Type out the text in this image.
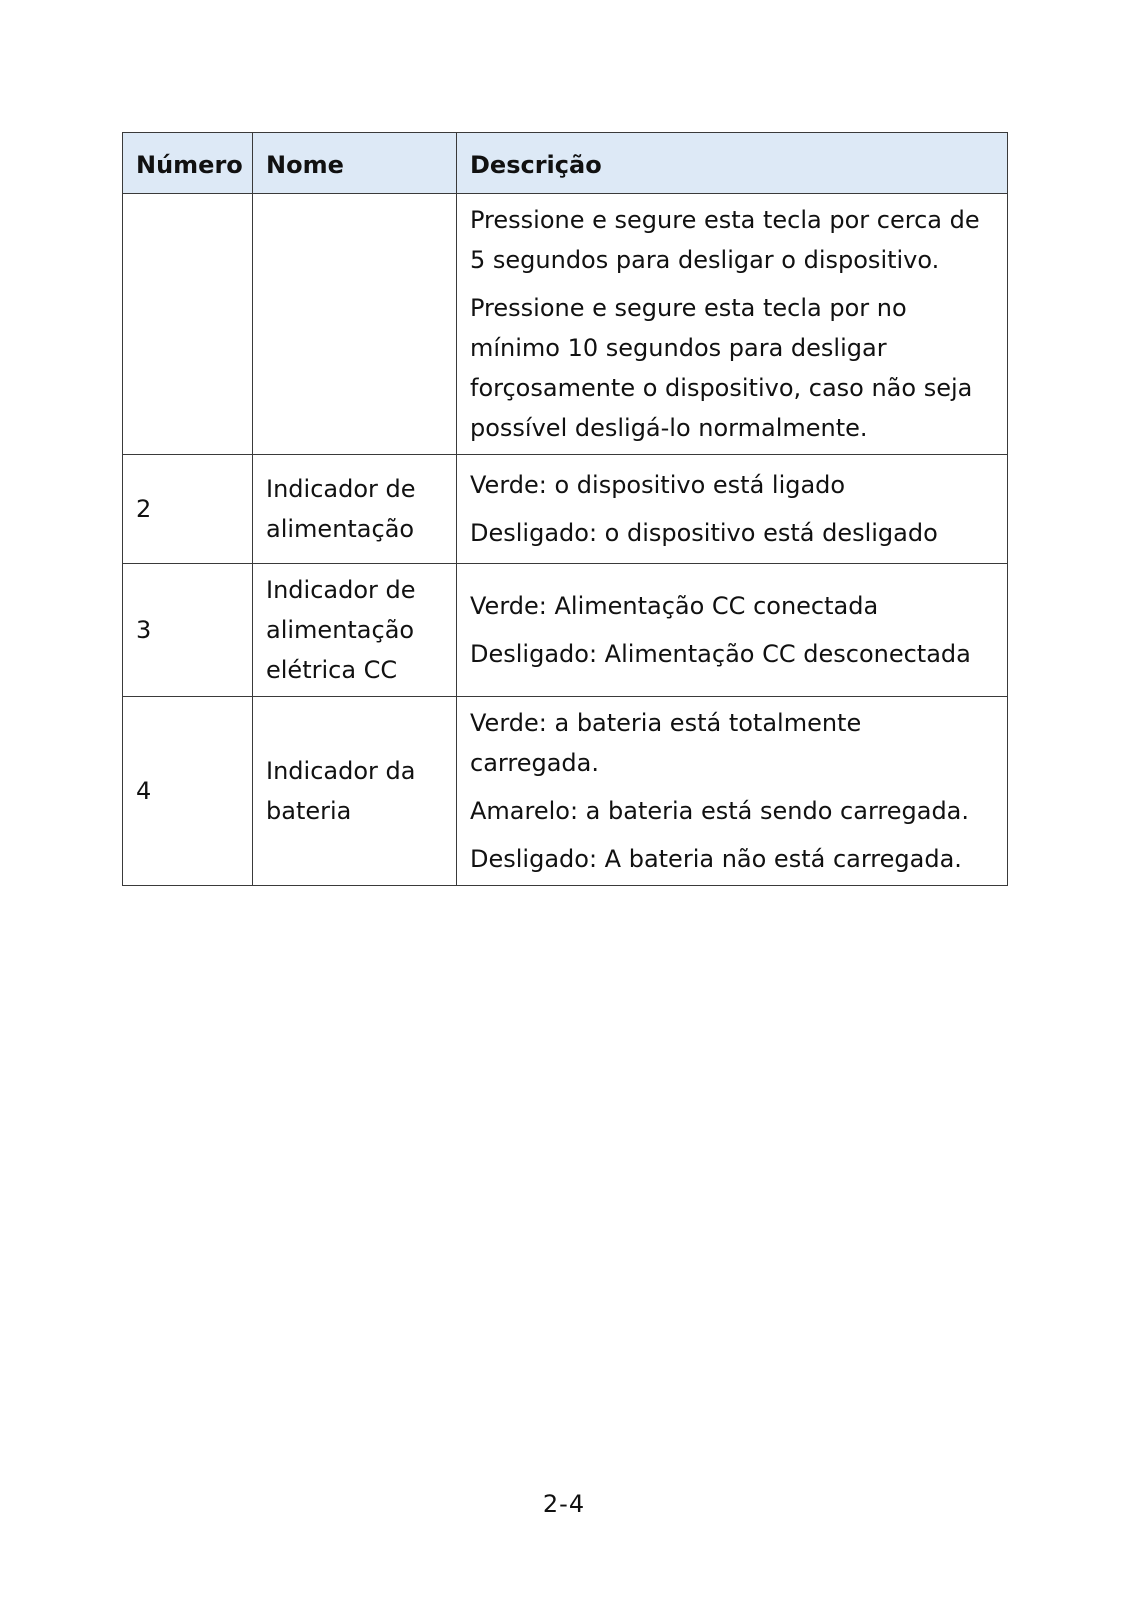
Número	Nome	Descrição

		Pressione e segure esta tecla por cerca de 5 segundos para desligar o dispositivo.
Pressione e segure esta tecla por no mínimo 10 segundos para desligar forçosamente o dispositivo, caso não seja possível desligá-lo normalmente.

2	Indicador de alimentação	Verde: o dispositivo está ligado
Desligado: o dispositivo está desligado

3	Indicador de alimentação elétrica CC	Verde: Alimentação CC conectada
Desligado: Alimentação CC desconectada

4	Indicador da bateria	Verde: a bateria está totalmente carregada.
Amarelo: a bateria está sendo carregada.
Desligado: A bateria não está carregada.
2-4
